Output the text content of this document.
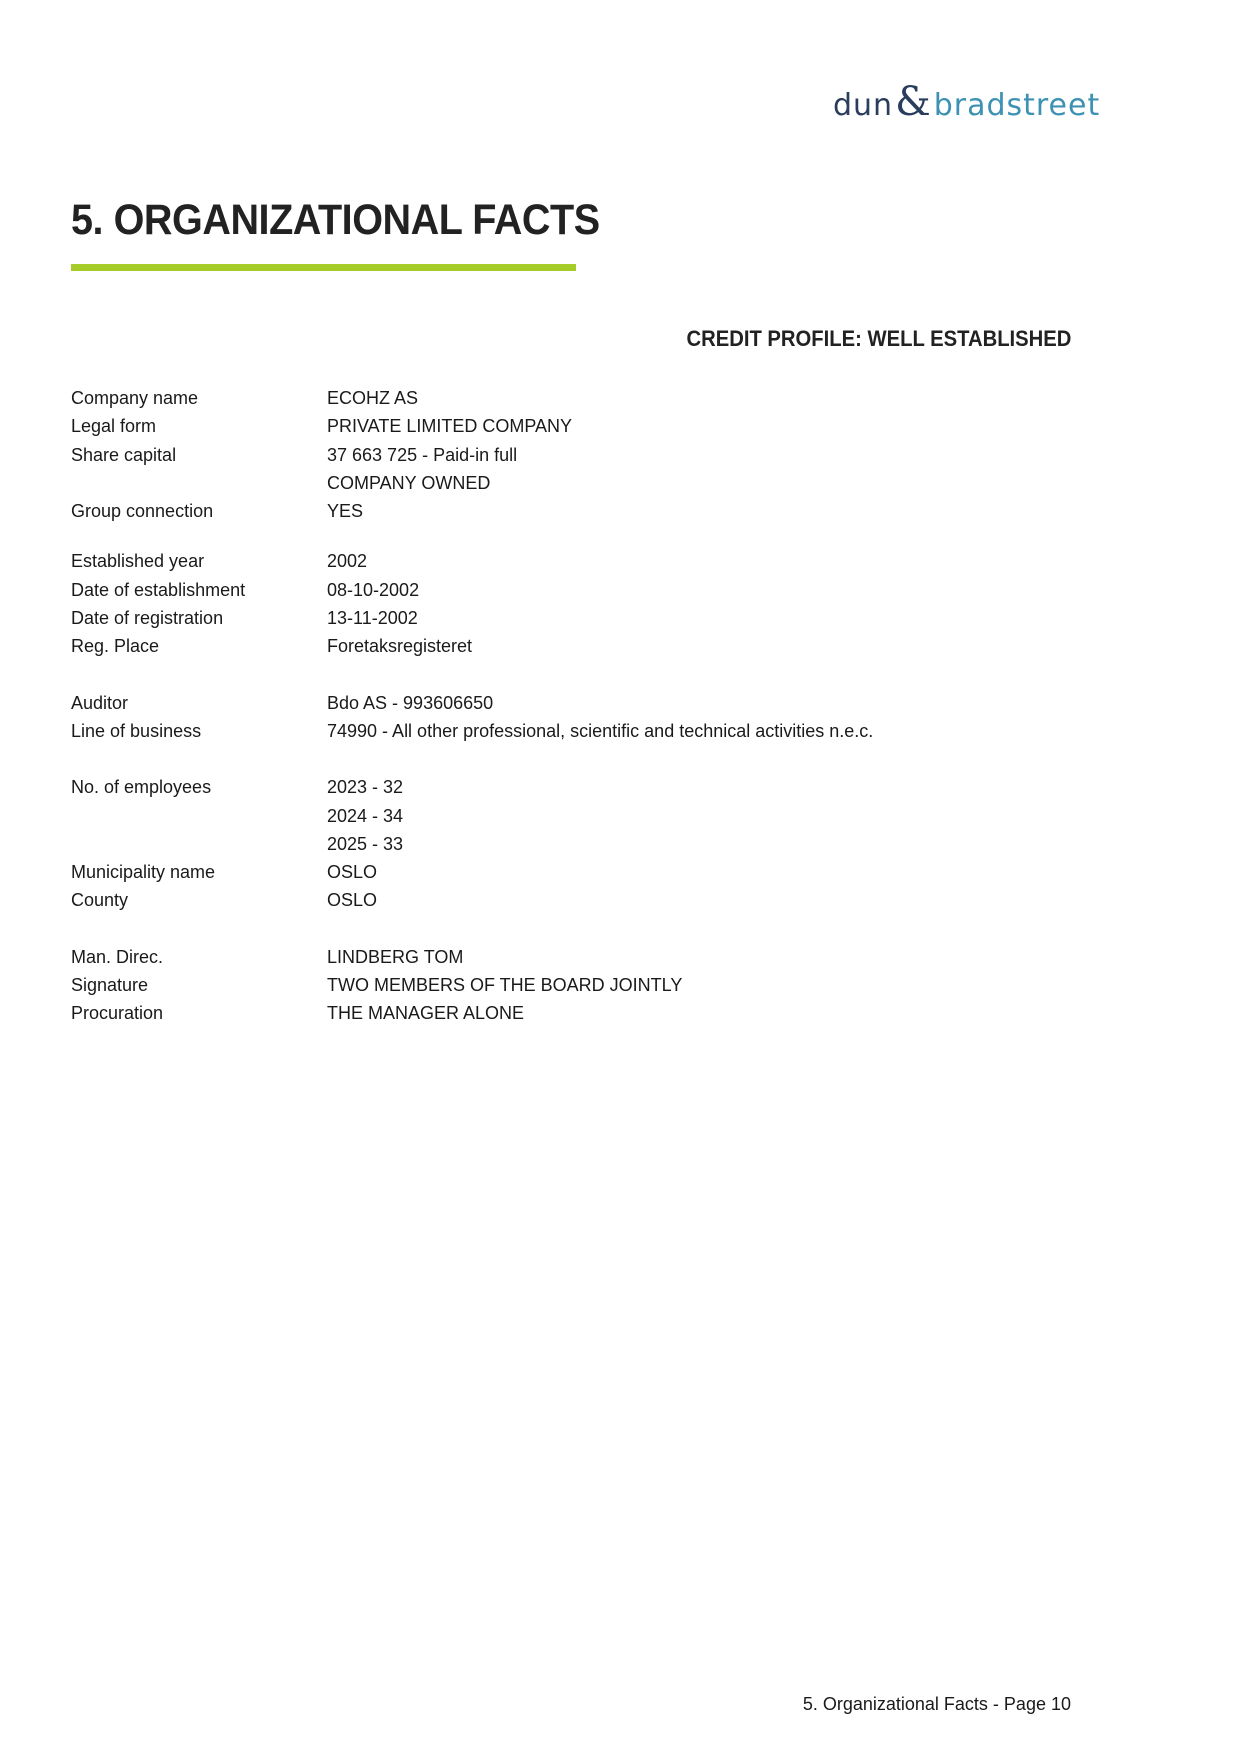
dun&bradstreet
5. ORGANIZATIONAL FACTS
CREDIT PROFILE: WELL ESTABLISHED
Company name	ECOHZ AS
Legal form	PRIVATE LIMITED COMPANY
Share capital	37 663 725 - Paid-in full
COMPANY OWNED
Group connection	YES
Established year	2002
Date of establishment	08-10-2002
Date of registration	13-11-2002
Reg. Place	Foretaksregisteret
Auditor	Bdo AS - 993606650
Line of business	74990 - All other professional, scientific and technical activities n.e.c.
No. of employees	2023 - 32
2024 - 34
2025 - 33
Municipality name	OSLO
County	OSLO
Man. Direc.	LINDBERG TOM
Signature	TWO MEMBERS OF THE BOARD JOINTLY
Procuration	THE MANAGER ALONE
5. Organizational Facts - Page 10
